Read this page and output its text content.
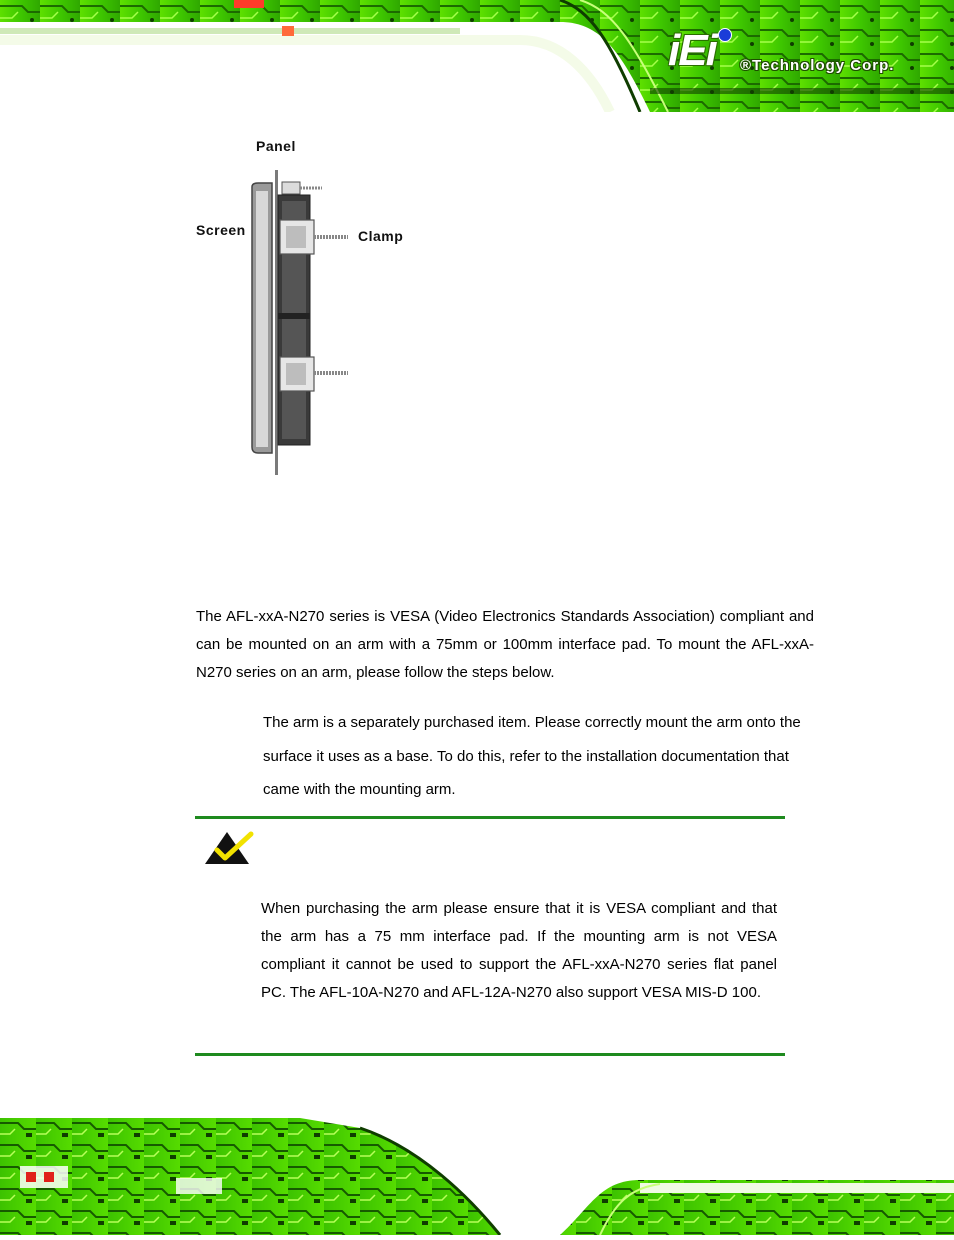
iEi ®Technology Corp.
Panel
Screen	Clamp
The AFL-xxA-N270 series is VESA (Video Electronics Standards Association) compliant and can be mounted on an arm with a 75mm or 100mm interface pad. To mount the AFL-xxA-N270 series on an arm, please follow the steps below.
The arm is a separately purchased item. Please correctly mount the arm onto the surface it uses as a base. To do this, refer to the installation documentation that came with the mounting arm.
When purchasing the arm please ensure that it is VESA compliant and that the arm has a 75 mm interface pad. If the mounting arm is not VESA compliant it cannot be used to support the AFL-xxA-N270 series flat panel PC. The AFL-10A-N270 and AFL-12A-N270 also support VESA MIS-D 100.
